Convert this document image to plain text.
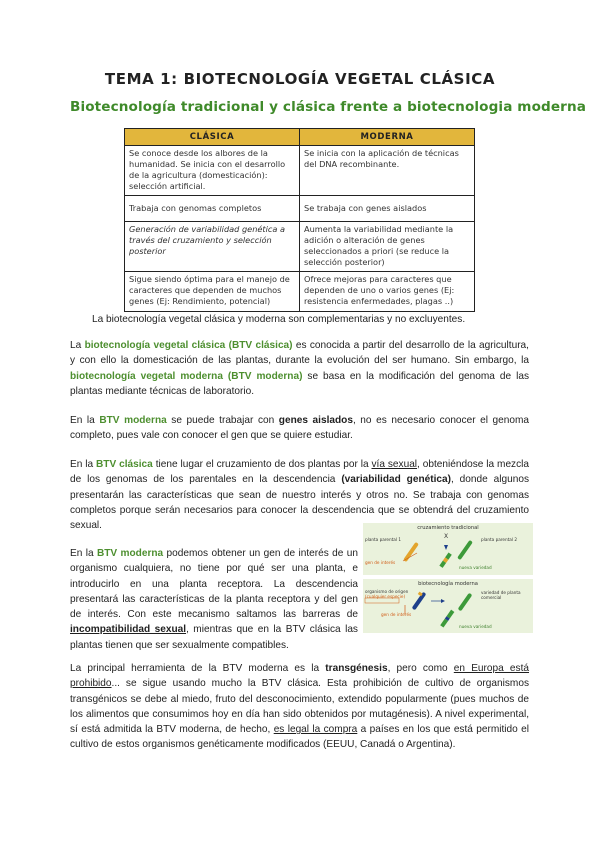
TEMA 1: BIOTECNOLOGÍA VEGETAL CLÁSICA
Biotecnología tradicional y clásica frente a biotecnologia moderna
CLÁSICA	MODERNA
Se conoce desde los albores de la humanidad. Se inicia con el desarrollo de la agricultura (domesticación): selección artificial.	Se inicia con la aplicación de técnicas del DNA recombinante.
Trabaja con genomas completos	Se trabaja con genes aislados
Generación de variabilidad genética a través del cruzamiento y selección posterior	Aumenta la variabilidad mediante la adición o alteración de genes seleccionados a priori (se reduce la selección posterior)
Sigue siendo óptima para el manejo de caracteres que dependen de muchos genes (Ej: Rendimiento, potencial)	Ofrece mejoras para caracteres que dependen de uno o varios genes (Ej: resistencia enfermedades, plagas ..)

La biotecnología vegetal clásica y moderna son complementarias y no excluyentes.

La biotecnología vegetal clásica (BTV clásica) es conocida a partir del desarrollo de la agricultura, y con ello la domesticación de las plantas, durante la evolución del ser humano. Sin embargo, la biotecnología vegetal moderna (BTV moderna) se basa en la modificación del genoma de las plantas mediante técnicas de laboratorio.

En la BTV moderna se puede trabajar con genes aislados, no es necesario conocer el genoma completo, pues vale con conocer el gen que se quiere estudiar.

En la BTV clásica tiene lugar el cruzamiento de dos plantas por la vía sexual, obteniéndose la mezcla de los genomas de los parentales en la descendencia (variabilidad genética), donde algunos presentarán las características que sean de nuestro interés y otros no. Se trabaja con genomas completos porque serán necesarios para conocer la descendencia que se obtendrá del cruzamiento sexual.

En la BTV moderna podemos obtener un gen de interés de un organismo cualquiera, no tiene por qué ser una planta, e introducirlo en una planta receptora. La descendencia presentará las características de la planta receptora y del gen de interés. Con este mecanismo saltamos las barreras de incompatibilidad sexual, mientras que en la BTV clásica las plantas tienen que ser sexualmente compatibles.

La principal herramienta de la BTV moderna es la transgénesis, pero como en Europa está prohibido... se sigue usando mucho la BTV clásica. Esta prohibición de cultivo de organismos transgénicos se debe al miedo, fruto del desconocimiento, extendido popularmente (pues muchos de los alimentos que consumimos hoy en día han sido obtenidos por mutagénesis). A nivel experimental, sí está admitida la BTV moderna, de hecho, es legal la compra a países en los que está permitido el cultivo de estos organismos genéticamente modificados (EEUU, Canadá o Argentina).

cruzamiento tradicional
planta parental 1	planta parental 2
X
gen de interés
nueva variedad
biotecnología moderna
organismo de origen
(cualquier especie)
variedad de planta
comercial
gen de interés
nueva variedad
